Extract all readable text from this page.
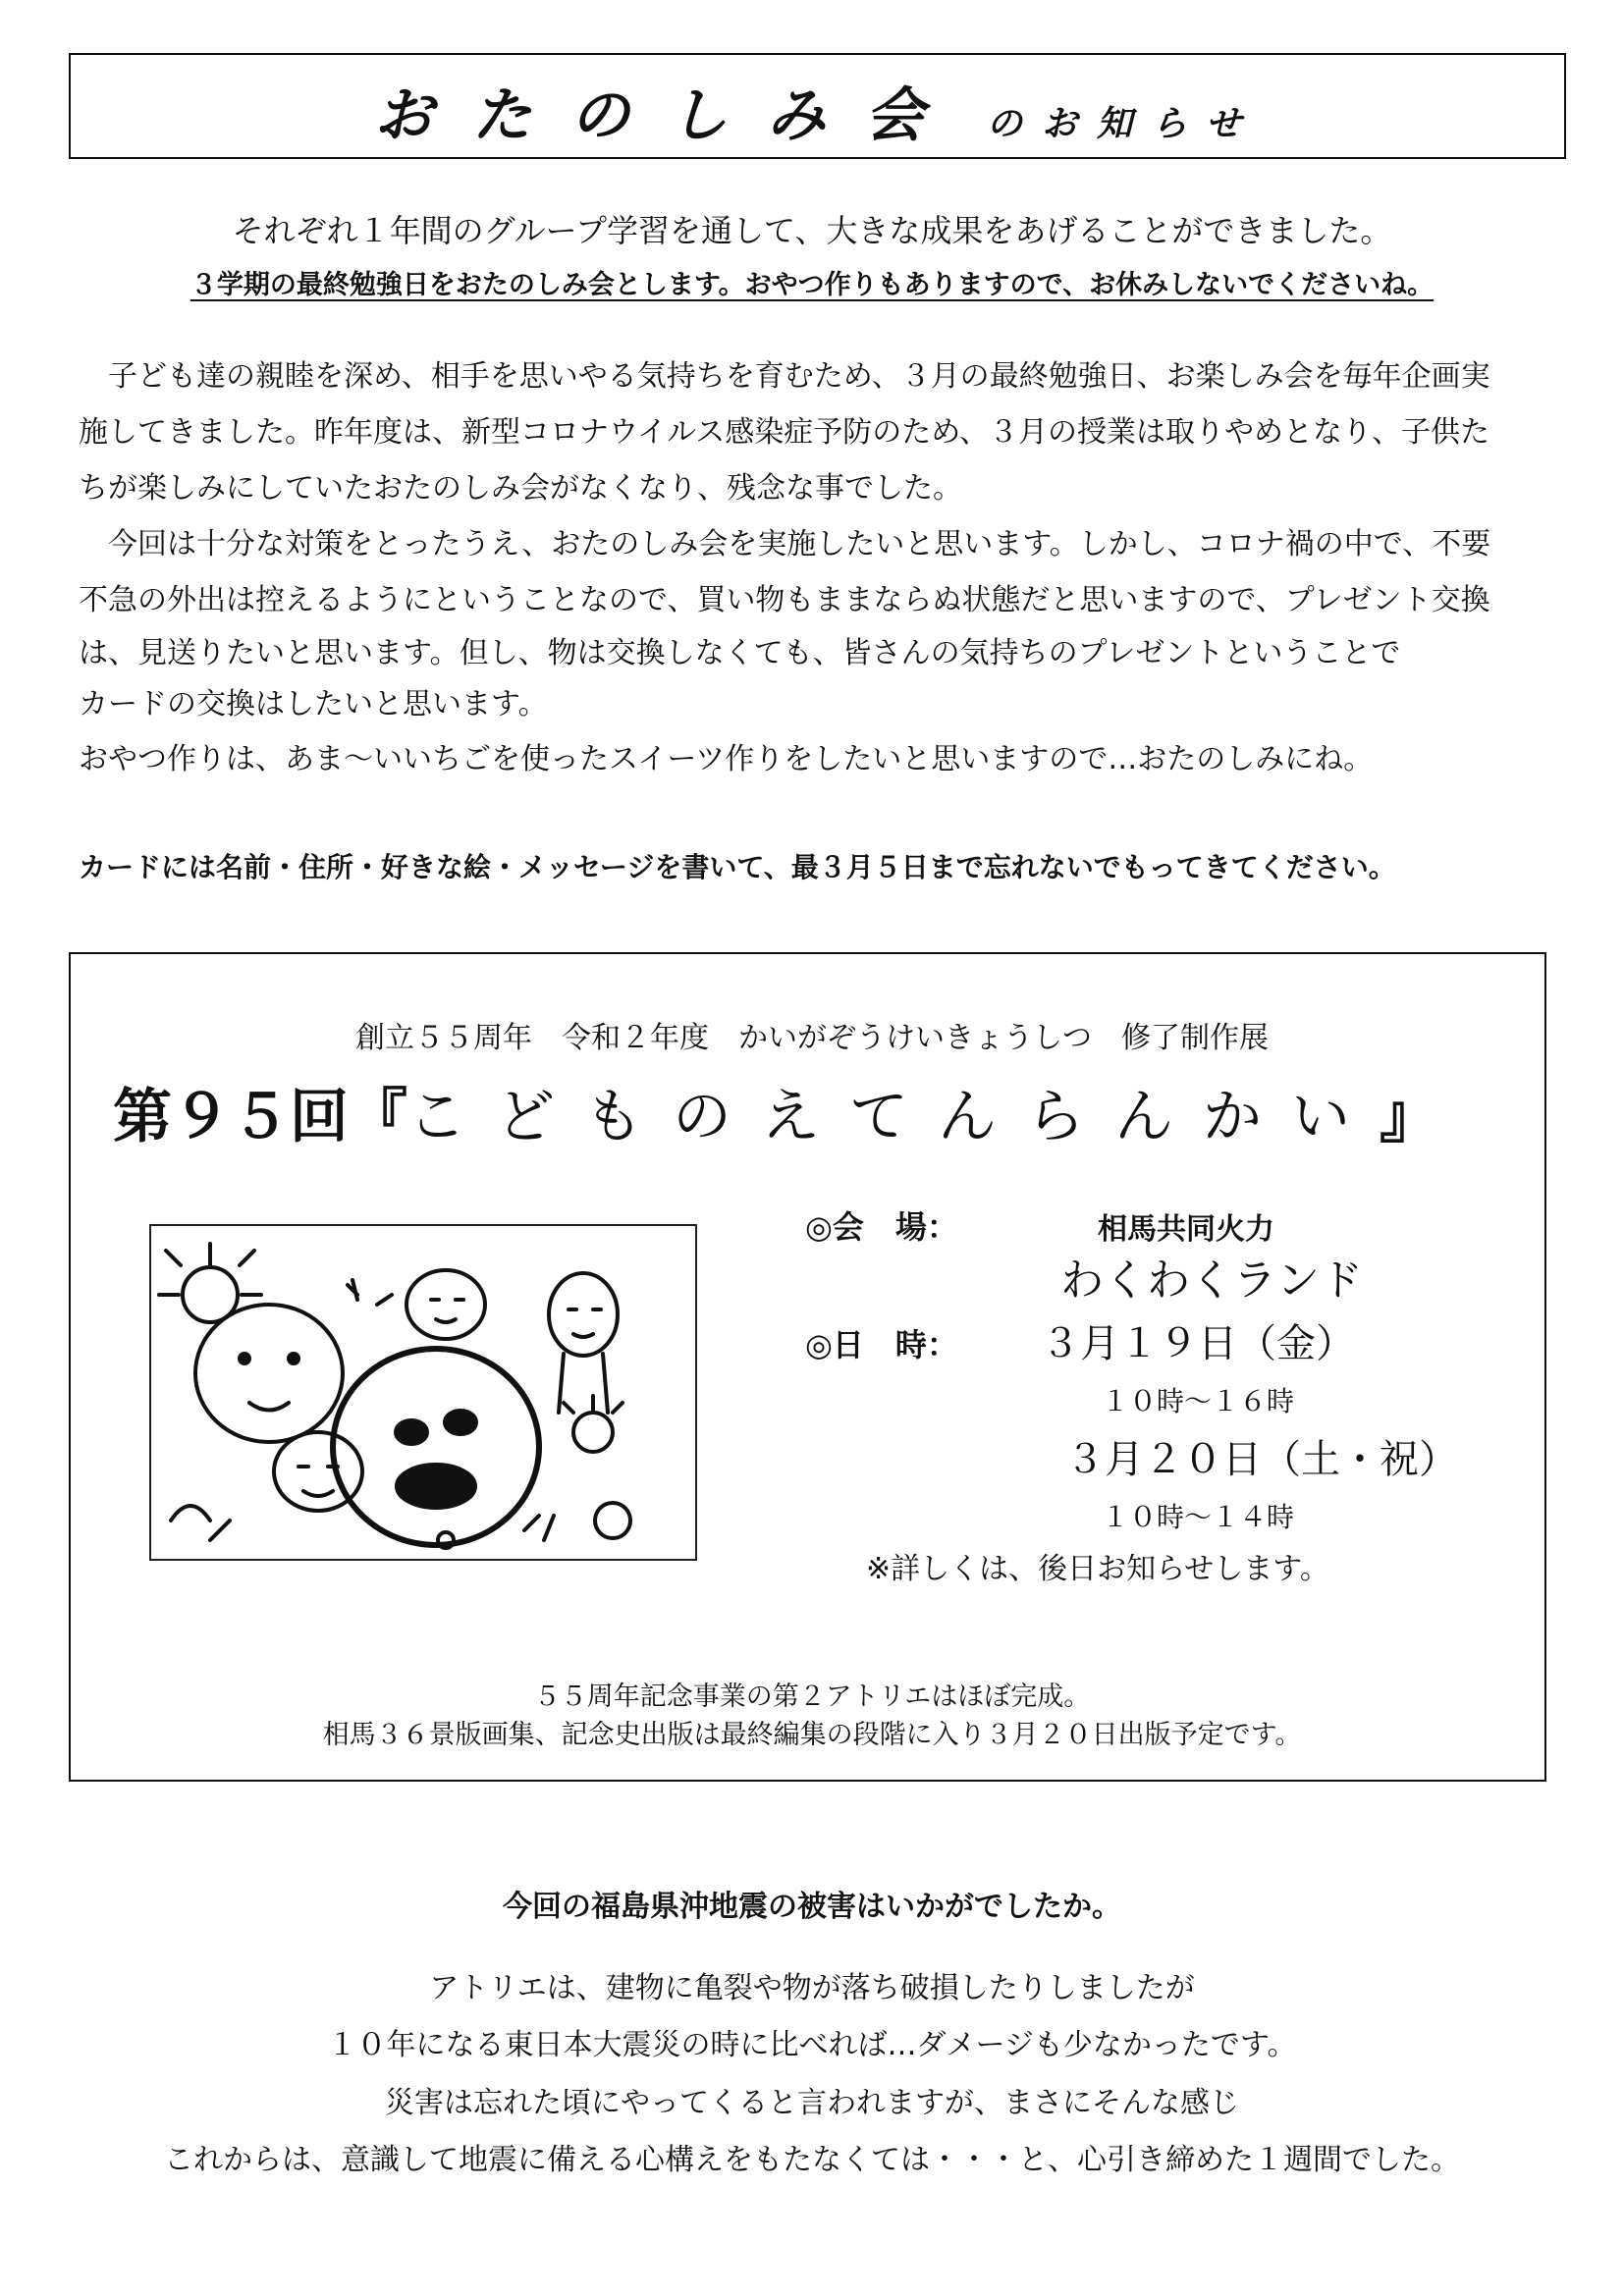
おたのしみ会 のお知らせ
それぞれ１年間のグループ学習を通して、大きな成果をあげることができました。
３学期の最終勉強日をおたのしみ会とします。おやつ作りもありますので、お休みしないでくださいね。
　子ども達の親睦を深め、相手を思いやる気持ちを育むため、３月の最終勉強日、お楽しみ会を毎年企画実
施してきました。昨年度は、新型コロナウイルス感染症予防のため、３月の授業は取りやめとなり、子供た
ちが楽しみにしていたおたのしみ会がなくなり、残念な事でした。
　今回は十分な対策をとったうえ、おたのしみ会を実施したいと思います。しかし、コロナ禍の中で、不要
不急の外出は控えるようにということなので、買い物もままならぬ状態だと思いますので、プレゼント交換
は、見送りたいと思います。但し、物は交換しなくても、皆さんの気持ちのプレゼントということで
カードの交換はしたいと思います。
おやつ作りは、あま～いいちごを使ったスイーツ作りをしたいと思いますので…おたのしみにね。
カードには名前・住所・好きな絵・メッセージを書いて、最３月５日まで忘れないでもってきてください。
創立５５周年　令和２年度　かいがぞうけいきょうしつ　修了制作展
第９５回『こどものえてんらんかい』
◎会　場：	相馬共同火力
わくわくランド
◎日　時： ３月１９日（金）
１０時～１６時
３月２０日（土・祝）
１０時～１４時
※詳しくは、後日お知らせします。
５５周年記念事業の第２アトリエはほぼ完成。
相馬３６景版画集、記念史出版は最終編集の段階に入り３月２０日出版予定です。
今回の福島県沖地震の被害はいかがでしたか。
アトリエは、建物に亀裂や物が落ち破損したりしましたが
１０年になる東日本大震災の時に比べれば…ダメージも少なかったです。
災害は忘れた頃にやってくると言われますが、まさにそんな感じ
これからは、意識して地震に備える心構えをもたなくては・・・と、心引き締めた１週間でした。
